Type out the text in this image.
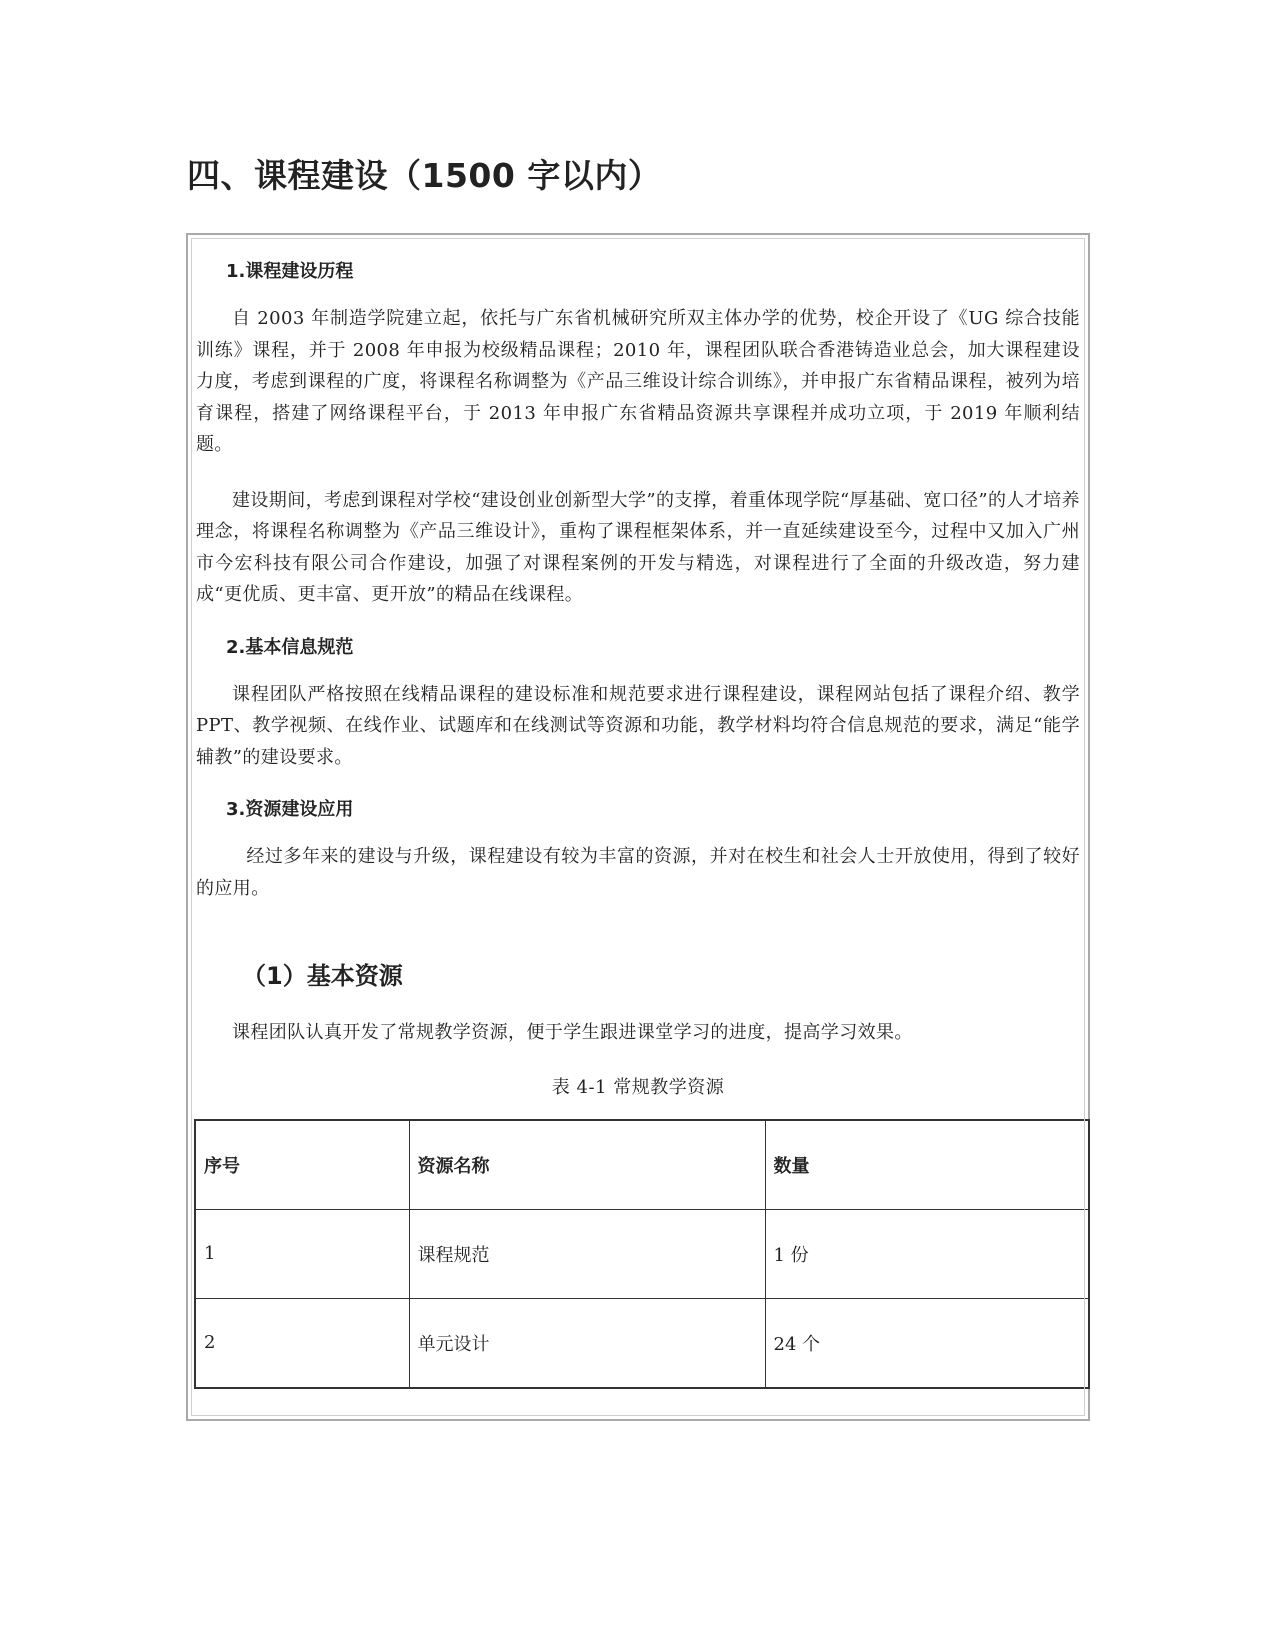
四、课程建设（1500 字以内）
1.课程建设历程

自 2003 年制造学院建立起，依托与广东省机械研究所双主体办学的优势，校企开设了《UG 综合技能训练》课程，并于 2008 年申报为校级精品课程；2010 年，课程团队联合香港铸造业总会，加大课程建设力度，考虑到课程的广度，将课程名称调整为《产品三维设计综合训练》，并申报广东省精品课程，被列为培育课程，搭建了网络课程平台，于 2013 年申报广东省精品资源共享课程并成功立项，于 2019 年顺利结题。

建设期间，考虑到课程对学校“建设创业创新型大学”的支撑，着重体现学院“厚基础、宽口径”的人才培养理念，将课程名称调整为《产品三维设计》，重构了课程框架体系，并一直延续建设至今，过程中又加入广州市今宏科技有限公司合作建设，加强了对课程案例的开发与精选，对课程进行了全面的升级改造，努力建成“更优质、更丰富、更开放”的精品在线课程。

2.基本信息规范

课程团队严格按照在线精品课程的建设标准和规范要求进行课程建设，课程网站包括了课程介绍、教学 PPT、教学视频、在线作业、试题库和在线测试等资源和功能，教学材料均符合信息规范的要求，满足“能学辅教”的建设要求。

3.资源建设应用

经过多年来的建设与升级，课程建设有较为丰富的资源，并对在校生和社会人士开放使用，得到了较好的应用。

（1）基本资源

课程团队认真开发了常规教学资源，便于学生跟进课堂学习的进度，提高学习效果。

表 4-1 常规教学资源
序号	资源名称	数量
1	课程规范	1 份
2	单元设计	24 个
